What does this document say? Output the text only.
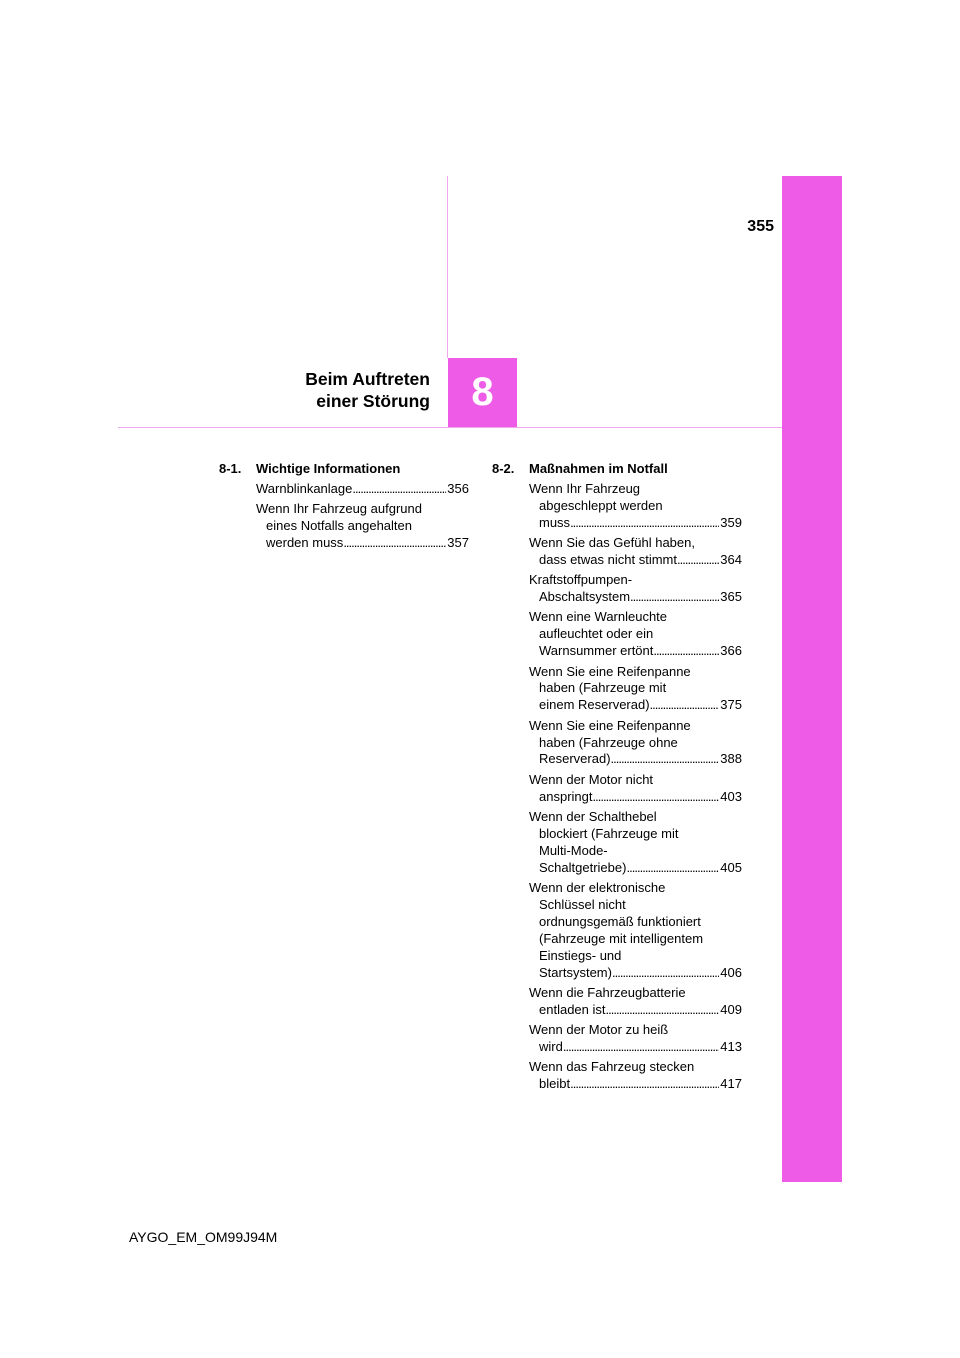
355
8
Beim Auftreten
einer Störung
8-1.	Wichtige Informationen
Warnblinkanlage . . .	356
Wenn Ihr Fahrzeug aufgrund
eines Notfalls angehalten
werden muss . . .	357
8-2.	Maßnahmen im Notfall
Wenn Ihr Fahrzeug
abgeschleppt werden
muss . . .	359
Wenn Sie das Gefühl haben,
dass etwas nicht stimmt . . .	364
Kraftstoffpumpen-
Abschaltsystem . . .	365
Wenn eine Warnleuchte
aufleuchtet oder ein
Warnsummer ertönt . . .	366
Wenn Sie eine Reifenpanne
haben (Fahrzeuge mit
einem Reserverad) . . .	375
Wenn Sie eine Reifenpanne
haben (Fahrzeuge ohne
Reserverad) . . .	388
Wenn der Motor nicht
anspringt . . .	403
Wenn der Schalthebel
blockiert (Fahrzeuge mit
Multi-Mode-
Schaltgetriebe) . . .	405
Wenn der elektronische
Schlüssel nicht
ordnungsgemäß funktioniert
(Fahrzeuge mit intelligentem
Einstiegs- und
Startsystem) . . .	406
Wenn die Fahrzeugbatterie
entladen ist . . .	409
Wenn der Motor zu heiß
wird . . .	413
Wenn das Fahrzeug stecken
bleibt . . .	417
AYGO_EM_OM99J94M
